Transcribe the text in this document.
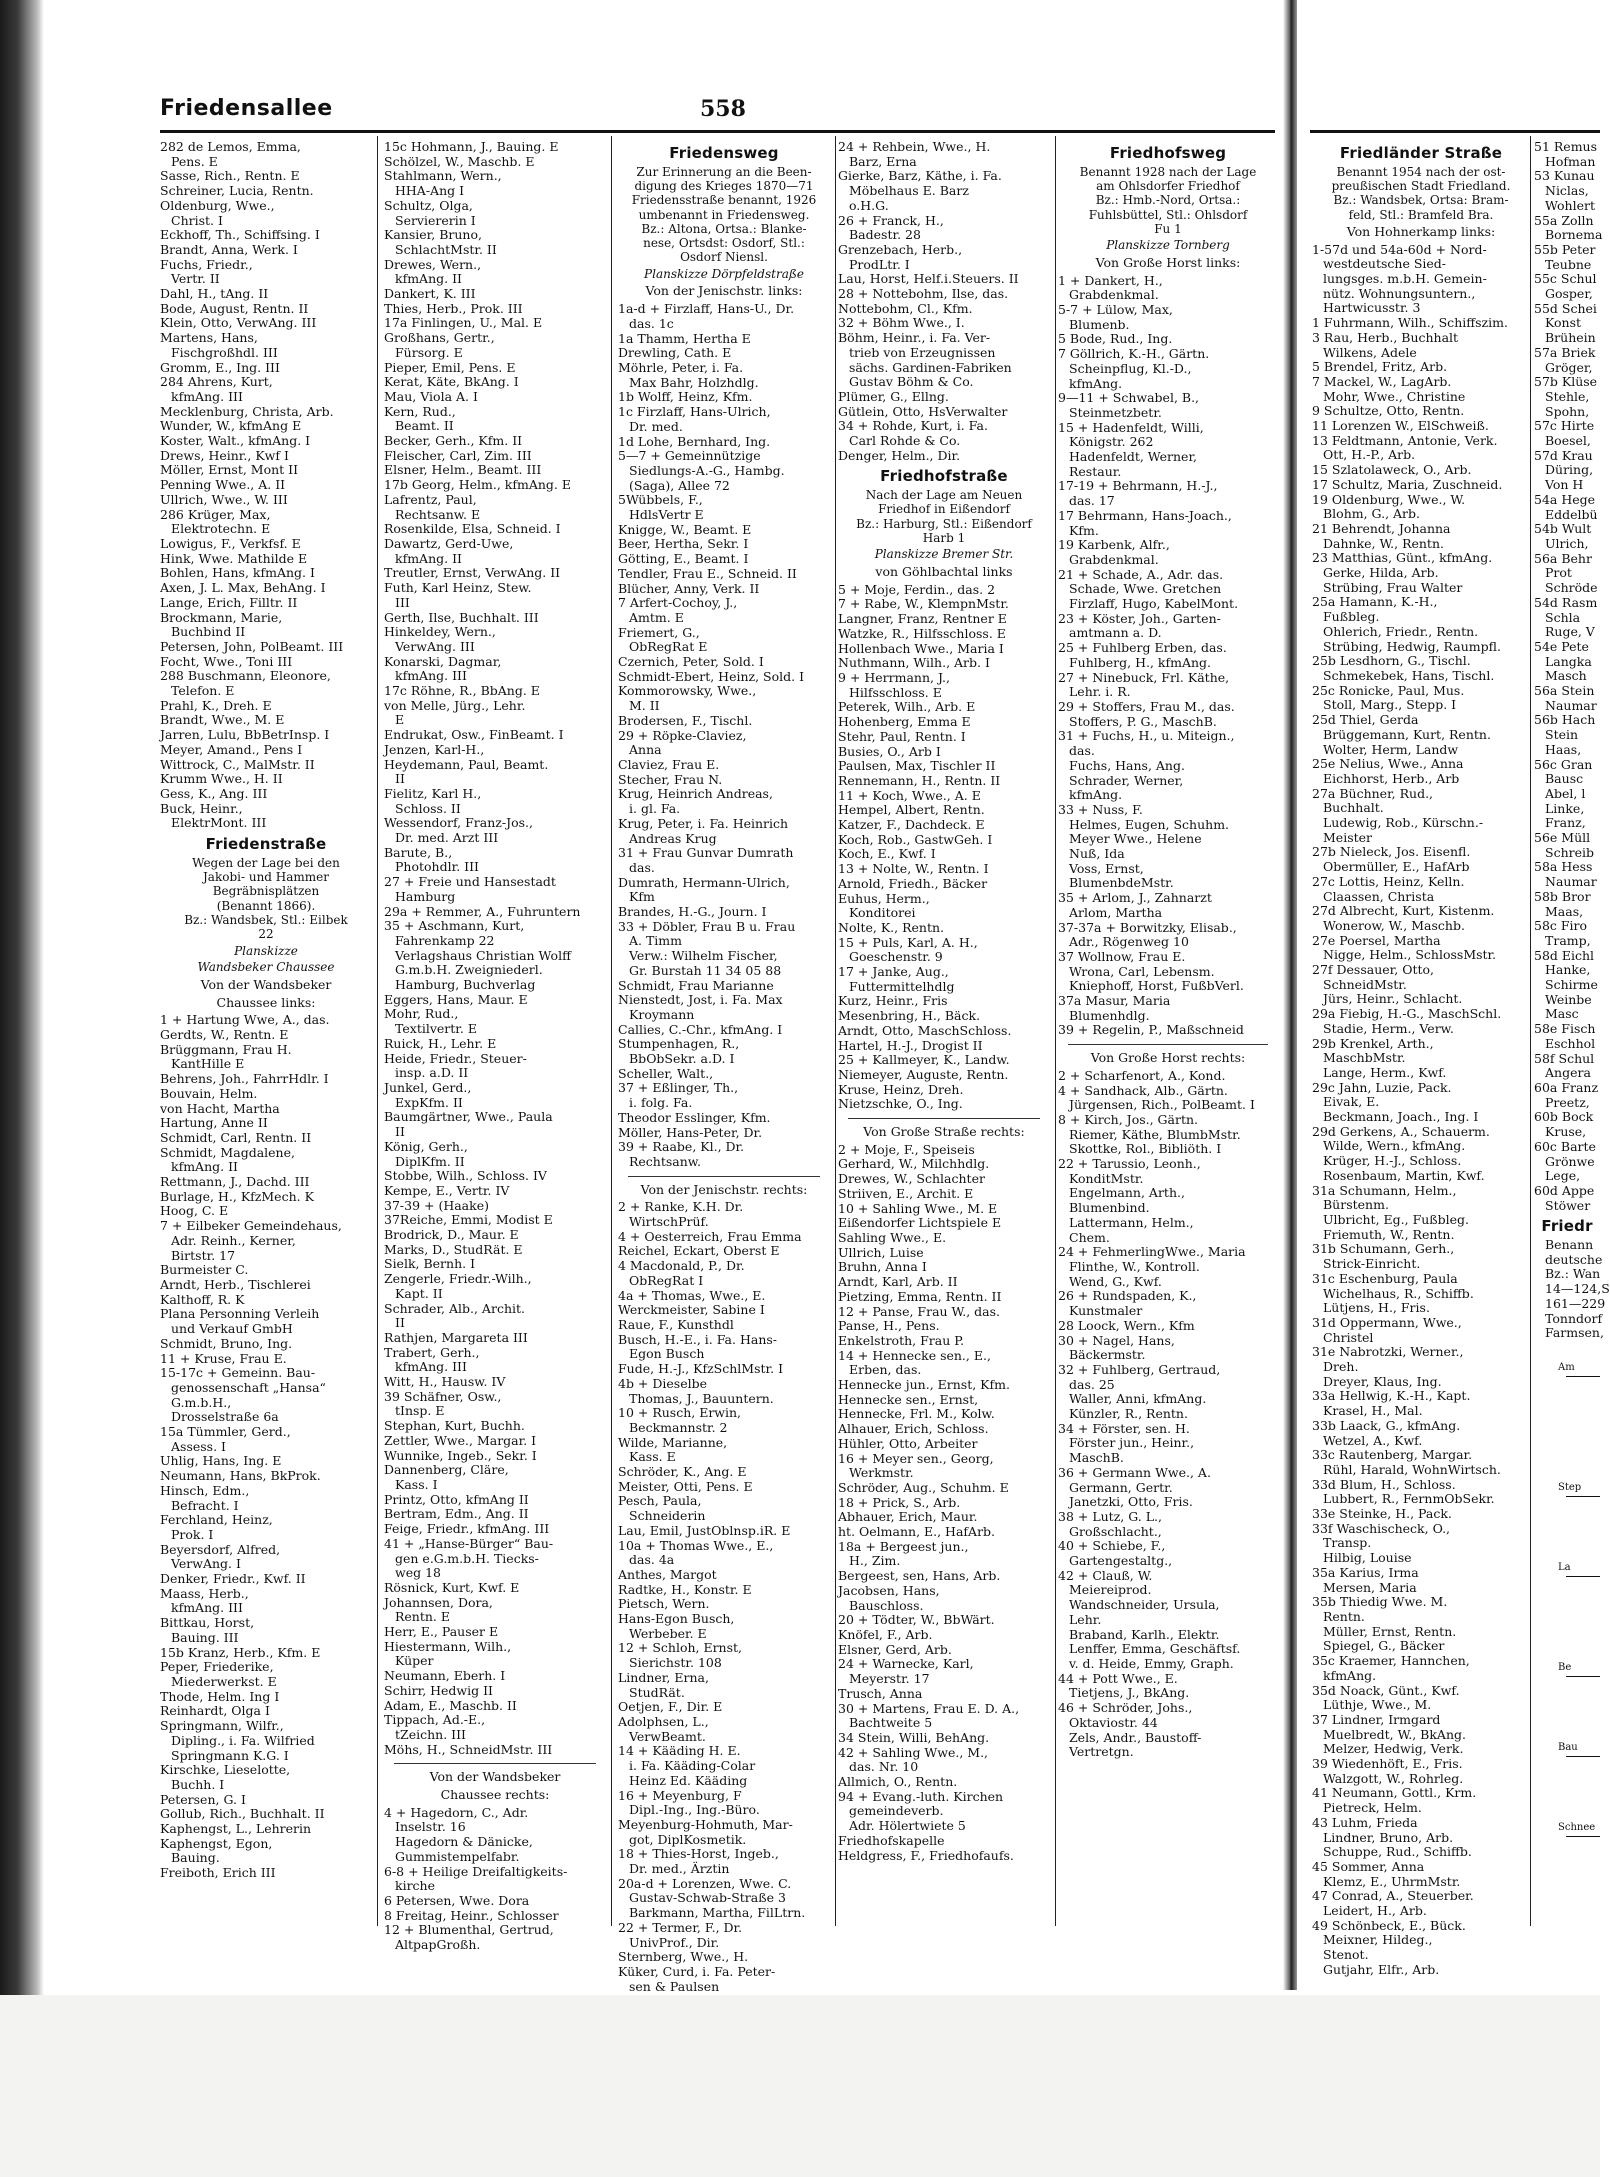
Friedensallee	558
282 de Lemos, Emma,
Pens. E
Sasse, Rich., Rentn. E
Schreiner, Lucia, Rentn.
Oldenburg, Wwe.,
Christ. I
Eckhoff, Th., Schiffsing. I
Brandt, Anna, Werk. I
Fuchs, Friedr.,
Vertr. II
Dahl, H., tAng. II
Bode, August, Rentn. II
Klein, Otto, VerwAng. III
Martens, Hans,
Fischgroßhdl. III
Gromm, E., Ing. III
284 Ahrens, Kurt,
kfmAng. III
Mecklenburg, Christa, Arb.
Wunder, W., kfmAng E
Koster, Walt., kfmAng. I
Drews, Heinr., Kwf I
Möller, Ernst, Mont II
Penning Wwe., A. II
Ullrich, Wwe., W. III
286 Krüger, Max,
Elektrotechn. E
Lowigus, F., Verkfsf. E
Hink, Wwe. Mathilde E
Bohlen, Hans, kfmAng. I
Axen, J. L. Max, BehAng. I
Lange, Erich, Filltr. II
Brockmann, Marie,
Buchbind II
Petersen, John, PolBeamt. III
Focht, Wwe., Toni III
288 Buschmann, Eleonore,
Telefon. E
Prahl, K., Dreh. E
Brandt, Wwe., M. E
Jarren, Lulu, BbBetrInsp. I
Meyer, Amand., Pens I
Wittrock, C., MalMstr. II
Krumm Wwe., H. II
Gess, K., Ang. III
Buck, Heinr.,
ElektrMont. III
Friedenstraße
Wegen der Lage bei den
Jakobi- und Hammer
Begräbnisplätzen
(Benannt 1866).
Bz.: Wandsbek, Stl.: Eilbek
22
Planskizze
Wandsbeker Chaussee
Von der Wandsbeker
Chaussee links:
1 + Hartung Wwe, A., das.
Gerdts, W., Rentn. E
Brüggmann, Frau H.
KantHille E
Behrens, Joh., FahrrHdlr. I
Bouvain, Helm.
von Hacht, Martha
Hartung, Anne II
Schmidt, Carl, Rentn. II
Schmidt, Magdalene,
kfmAng. II
Rettmann, J., Dachd. III
Burlage, H., KfzMech. K
Hoog, C. E
7 + Eilbeker Gemeindehaus,
Adr. Reinh., Kerner,
Birtstr. 17
Burmeister C.
Arndt, Herb., Tischlerei
Kalthoff, R. K
Plana Personning Verleih
und Verkauf GmbH
Schmidt, Bruno, Ing.
11 + Kruse, Frau E.
15-17c + Gemeinn. Bau-
genossenschaft „Hansa“
G.m.b.H.,
Drosselstraße 6a
15a Tümmler, Gerd.,
Assess. I
Uhlig, Hans, Ing. E
Neumann, Hans, BkProk.
Hinsch, Edm.,
Befracht. I
Ferchland, Heinz,
Prok. I
Beyersdorf, Alfred,
VerwAng. I
Denker, Friedr., Kwf. II
Maass, Herb.,
kfmAng. III
Bittkau, Horst,
Bauing. III
15b Kranz, Herb., Kfm. E
Peper, Friederike,
Miederwerkst. E
Thode, Helm. Ing I
Reinhardt, Olga I
Springmann, Wilfr.,
Dipling., i. Fa. Wilfried
Springmann K.G. I
Kirschke, Lieselotte,
Buchh. I
Petersen, G. I
Gollub, Rich., Buchhalt. II
Kaphengst, L., Lehrerin
Kaphengst, Egon,
Bauing.
Freiboth, Erich III
15c Hohmann, J., Bauing. E
Schölzel, W., Maschb. E
Stahlmann, Wern.,
HHA-Ang I
Schultz, Olga,
Serviererin I
Kansier, Bruno,
SchlachtMstr. II
Drewes, Wern.,
kfmAng. II
Dankert, K. III
Thies, Herb., Prok. III
17a Finlingen, U., Mal. E
Großhans, Gertr.,
Fürsorg. E
Pieper, Emil, Pens. E
Kerat, Käte, BkAng. I
Mau, Viola A. I
Kern, Rud.,
Beamt. II
Becker, Gerh., Kfm. II
Fleischer, Carl, Zim. III
Elsner, Helm., Beamt. III
17b Georg, Helm., kfmAng. E
Lafrentz, Paul,
Rechtsanw. E
Rosenkilde, Elsa, Schneid. I
Dawartz, Gerd-Uwe,
kfmAng. II
Treutler, Ernst, VerwAng. II
Futh, Karl Heinz, Stew.
III
Gerth, Ilse, Buchhalt. III
Hinkeldey, Wern.,
VerwAng. III
Konarski, Dagmar,
kfmAng. III
17c Röhne, R., BbAng. E
von Melle, Jürg., Lehr.
E
Endrukat, Osw., FinBeamt. I
Jenzen, Karl-H.,
Heydemann, Paul, Beamt.
II
Fielitz, Karl H.,
Schloss. II
Wessendorf, Franz-Jos.,
Dr. med. Arzt III
Barute, B.,
Photohdlr. III
27 + Freie und Hansestadt
Hamburg
29a + Remmer, A., Fuhruntern
35 + Aschmann, Kurt,
Fahrenkamp 22
Verlagshaus Christian Wolff
G.m.b.H. Zweigniederl.
Hamburg, Buchverlag
Eggers, Hans, Maur. E
Mohr, Rud.,
Textilvertr. E
Ruick, H., Lehr. E
Heide, Friedr., Steuer-
insp. a.D. II
Junkel, Gerd.,
ExpKfm. II
Baumgärtner, Wwe., Paula
II
König, Gerh.,
DiplKfm. II
Stobbe, Wilh., Schloss. IV
Kempe, E., Vertr. IV
37-39 + (Haake)
37Reiche, Emmi, Modist E
Brodrick, D., Maur. E
Marks, D., StudRät. E
Sielk, Bernh. I
Zengerle, Friedr.-Wilh.,
Kapt. II
Schrader, Alb., Archit.
II
Rathjen, Margareta III
Trabert, Gerh.,
kfmAng. III
Witt, H., Hausw. IV
39 Schäfner, Osw.,
tInsp. E
Stephan, Kurt, Buchh.
Zettler, Wwe., Margar. I
Wunnike, Ingeb., Sekr. I
Dannenberg, Cläre,
Kass. I
Printz, Otto, kfmAng II
Bertram, Edm., Ang. II
Feige, Friedr., kfmAng. III
41 + „Hanse-Bürger“ Bau-
gen e.G.m.b.H. Tiecks-
weg 18
Rösnick, Kurt, Kwf. E
Johannsen, Dora,
Rentn. E
Herr, E., Pauser E
Hiestermann, Wilh.,
Küper
Neumann, Eberh. I
Schirr, Hedwig II
Adam, E., Maschb. II
Tippach, Ad.-E.,
tZeichn. III
Möhs, H., SchneidMstr. III
Von der Wandsbeker
Chaussee rechts:
4 + Hagedorn, C., Adr.
Inselstr. 16
Hagedorn & Dänicke,
Gummistempelfabr.
6-8 + Heilige Dreifaltigkeits-
kirche
6 Petersen, Wwe. Dora
8 Freitag, Heinr., Schlosser
12 + Blumenthal, Gertrud,
AltpapGroßh.
Friedensweg
Zur Erinnerung an die Been-
digung des Krieges 1870—71
Friedensstraße benannt, 1926
umbenannt in Friedensweg.
Bz.: Altona, Ortsa.: Blanke-
nese, Ortsdst: Osdorf, Stl.:
Osdorf Niensl.
Planskizze Dörpfeldstraße
Von der Jenischstr. links:
1a-d + Firzlaff, Hans-U., Dr.
das. 1c
1a Thamm, Hertha E
Drewling, Cath. E
Möhrle, Peter, i. Fa.
Max Bahr, Holzhdlg.
1b Wolff, Heinz, Kfm.
1c Firzlaff, Hans-Ulrich,
Dr. med.
1d Lohe, Bernhard, Ing.
5—7 + Gemeinnützige
Siedlungs-A.-G., Hambg.
(Saga), Allee 72
5Wübbels, F.,
HdlsVertr E
Knigge, W., Beamt. E
Beer, Hertha, Sekr. I
Götting, E., Beamt. I
Tendler, Frau E., Schneid. II
Blücher, Anny, Verk. II
7 Arfert-Cochoy, J.,
Amtm. E
Friemert, G.,
ObRegRat E
Czernich, Peter, Sold. I
Schmidt-Ebert, Heinz, Sold. I
Kommorowsky, Wwe.,
M. II
Brodersen, F., Tischl.
29 + Röpke-Claviez,
Anna
Claviez, Frau E.
Stecher, Frau N.
Krug, Heinrich Andreas,
i. gl. Fa.
Krug, Peter, i. Fa. Heinrich
Andreas Krug
31 + Frau Gunvar Dumrath
das.
Dumrath, Hermann-Ulrich,
Kfm
Brandes, H.-G., Journ. I
33 + Döbler, Frau B u. Frau
A. Timm
Verw.: Wilhelm Fischer,
Gr. Burstah 11 34 05 88
Schmidt, Frau Marianne
Nienstedt, Jost, i. Fa. Max
Kroymann
Callies, C.-Chr., kfmAng. I
Stumpenhagen, R.,
BbObSekr. a.D. I
Scheller, Walt.,
37 + Eßlinger, Th.,
i. folg. Fa.
Theodor Esslinger, Kfm.
Möller, Hans-Peter, Dr.
39 + Raabe, Kl., Dr.
Rechtsanw.
Von der Jenischstr. rechts:
2 + Ranke, K.H. Dr.
WirtschPrüf.
4 + Oesterreich, Frau Emma
Reichel, Eckart, Oberst E
4 Macdonald, P., Dr.
ObRegRat I
4a + Thomas, Wwe., E.
Werckmeister, Sabine I
Raue, F., Kunsthdl
Busch, H.-E., i. Fa. Hans-
Egon Busch
Fude, H.-J., KfzSchlMstr. I
4b + Dieselbe
Thomas, J., Bauuntern.
10 + Rusch, Erwin,
Beckmannstr. 2
Wilde, Marianne,
Kass. E
Schröder, K., Ang. E
Meister, Otti, Pens. E
Pesch, Paula,
Schneiderin
Lau, Emil, JustOblnsp.iR. E
10a + Thomas Wwe., E.,
das. 4a
Anthes, Margot
Radtke, H., Konstr. E
Pietsch, Wern.
Hans-Egon Busch,
Werbeber. E
12 + Schloh, Ernst,
Sierichstr. 108
Lindner, Erna,
StudRät.
Oetjen, F., Dir. E
Adolphsen, L.,
VerwBeamt.
14 + Kääding H. E.
i. Fa. Kääding-Colar
Heinz Ed. Kääding
16 + Meyenburg, F
Dipl.-Ing., Ing.-Büro.
Meyenburg-Hohmuth, Mar-
got, DiplKosmetik.
18 + Thies-Horst, Ingeb.,
Dr. med., Ärztin
20a-d + Lorenzen, Wwe. C.
Gustav-Schwab-Straße 3
Barkmann, Martha, FilLtrn.
22 + Termer, F., Dr.
UnivProf., Dir.
Sternberg, Wwe., H.
Küker, Curd, i. Fa. Peter-
sen & Paulsen
24 + Rehbein, Wwe., H.
Barz, Erna
Gierke, Barz, Käthe, i. Fa.
Möbelhaus E. Barz
o.H.G.
26 + Franck, H.,
Badestr. 28
Grenzebach, Herb.,
ProdLtr. I
Lau, Horst, Helf.i.Steuers. II
28 + Nottebohm, Ilse, das.
Nottebohm, Cl., Kfm.
32 + Böhm Wwe., I.
Böhm, Heinr., i. Fa. Ver-
trieb von Erzeugnissen
sächs. Gardinen-Fabriken
Gustav Böhm & Co.
Plümer, G., Ellng.
Gütlein, Otto, HsVerwalter
34 + Rohde, Kurt, i. Fa.
Carl Rohde & Co.
Denger, Helm., Dir.
Friedhofstraße
Nach der Lage am Neuen
Friedhof in Eißendorf
Bz.: Harburg, Stl.: Eißendorf
Harb 1
Planskizze Bremer Str.
von Göhlbachtal links
5 + Moje, Ferdin., das. 2
7 + Rabe, W., KlempnMstr.
Langner, Franz, Rentner E
Watzke, R., Hilfsschloss. E
Hollenbach Wwe., Maria I
Nuthmann, Wilh., Arb. I
9 + Herrmann, J.,
Hilfsschloss. E
Peterek, Wilh., Arb. E
Hohenberg, Emma E
Stehr, Paul, Rentn. I
Busies, O., Arb I
Paulsen, Max, Tischler II
Rennemann, H., Rentn. II
11 + Koch, Wwe., A. E
Hempel, Albert, Rentn.
Katzer, F., Dachdeck. E
Koch, Rob., GastwGeh. I
Koch, E., Kwf. I
13 + Nolte, W., Rentn. I
Arnold, Friedh., Bäcker
Euhus, Herm.,
Konditorei
Nolte, K., Rentn.
15 + Puls, Karl, A. H.,
Goeschenstr. 9
17 + Janke, Aug.,
Futtermittelhdlg
Kurz, Heinr., Fris
Mesenbring, H., Bäck.
Arndt, Otto, MaschSchloss.
Hartel, H.-J., Drogist II
25 + Kallmeyer, K., Landw.
Niemeyer, Auguste, Rentn.
Kruse, Heinz, Dreh.
Nietzschke, O., Ing.
Von Große Straße rechts:
2 + Moje, F., Speiseis
Gerhard, W., Milchhdlg.
Drewes, W., Schlachter
Striiven, E., Archit. E
10 + Sahling Wwe., M. E
Eißendorfer Lichtspiele E
Sahling Wwe., E.
Ullrich, Luise
Bruhn, Anna I
Arndt, Karl, Arb. II
Pietzing, Emma, Rentn. II
12 + Panse, Frau W., das.
Panse, H., Pens.
Enkelstroth, Frau P.
14 + Hennecke sen., E.,
Erben, das.
Hennecke jun., Ernst, Kfm.
Hennecke sen., Ernst,
Hennecke, Frl. M., Kolw.
Alhauer, Erich, Schloss.
Hühler, Otto, Arbeiter
16 + Meyer sen., Georg,
Werkmstr.
Schröder, Aug., Schuhm. E
18 + Prick, S., Arb.
Abhauer, Erich, Maur.
ht. Oelmann, E., HafArb.
18a + Bergeest jun.,
H., Zim.
Bergeest, sen, Hans, Arb.
Jacobsen, Hans,
Bauschloss.
20 + Tödter, W., BbWärt.
Knöfel, F., Arb.
Elsner, Gerd, Arb.
24 + Warnecke, Karl,
Meyerstr. 17
Trusch, Anna
30 + Martens, Frau E. D. A.,
Bachtweite 5
34 Stein, Willi, BehAng.
42 + Sahling Wwe., M.,
das. Nr. 10
Allmich, O., Rentn.
94 + Evang.-luth. Kirchen
gemeindeverb.
Adr. Hölertwiete 5
Friedhofskapelle
Heldgress, F., Friedhofaufs.
Friedhofsweg
Benannt 1928 nach der Lage
am Ohlsdorfer Friedhof
Bz.: Hmb.-Nord, Ortsa.:
Fuhlsbüttel, Stl.: Ohlsdorf
Fu 1
Planskizze Tornberg
Von Große Horst links:
1 + Dankert, H.,
Grabdenkmal.
5-7 + Lülow, Max,
Blumenb.
5 Bode, Rud., Ing.
7 Göllrich, K.-H., Gärtn.
Scheinpflug, Kl.-D.,
kfmAng.
9—11 + Schwabel, B.,
Steinmetzbetr.
15 + Hadenfeldt, Willi,
Königstr. 262
Hadenfeldt, Werner,
Restaur.
17-19 + Behrmann, H.-J.,
das. 17
17 Behrmann, Hans-Joach.,
Kfm.
19 Karbenk, Alfr.,
Grabdenkmal.
21 + Schade, A., Adr. das.
Schade, Wwe. Gretchen
Firzlaff, Hugo, KabelMont.
23 + Köster, Joh., Garten-
amtmann a. D.
25 + Fuhlberg Erben, das.
Fuhlberg, H., kfmAng.
27 + Ninebuck, Frl. Käthe,
Lehr. i. R.
29 + Stoffers, Frau M., das.
Stoffers, P. G., MaschB.
31 + Fuchs, H., u. Miteign.,
das.
Fuchs, Hans, Ang.
Schrader, Werner,
kfmAng.
33 + Nuss, F.
Helmes, Eugen, Schuhm.
Meyer Wwe., Helene
Nuß, Ida
Voss, Ernst,
BlumenbdeMstr.
35 + Arlom, J., Zahnarzt
Arlom, Martha
37-37a + Borwitzky, Elisab.,
Adr., Rögenweg 10
37 Wollnow, Frau E.
Wrona, Carl, Lebensm.
Kniephoff, Horst, FußbVerl.
37a Masur, Maria
Blumenhdlg.
39 + Regelin, P., Maßschneid
Von Große Horst rechts:
2 + Scharfenort, A., Kond.
4 + Sandhack, Alb., Gärtn.
Jürgensen, Rich., PolBeamt. I
8 + Kirch, Jos., Gärtn.
Riemer, Käthe, BlumbMstr.
Skottke, Rol., Bibliöth. I
22 + Tarussio, Leonh.,
KonditMstr.
Engelmann, Arth.,
Blumenbind.
Lattermann, Helm.,
Chem.
24 + FehmerlingWwe., Maria
Flinthe, W., Kontroll.
Wend, G., Kwf.
26 + Rundspaden, K.,
Kunstmaler
28 Loock, Wern., Kfm
30 + Nagel, Hans,
Bäckermstr.
32 + Fuhlberg, Gertraud,
das. 25
Waller, Anni, kfmAng.
Künzler, R., Rentn.
34 + Förster, sen. H.
Förster jun., Heinr.,
MaschB.
36 + Germann Wwe., A.
Germann, Gertr.
Janetzki, Otto, Fris.
38 + Lutz, G. L.,
Großschlacht.,
40 + Schiebe, F.,
Gartengestaltg.,
42 + Clauß, W.
Meiereiprod.
Wandschneider, Ursula,
Lehr.
Braband, Karlh., Elektr.
Lenffer, Emma, Geschäftsf.
v. d. Heide, Emmy, Graph.
44 + Pott Wwe., E.
Tietjens, J., BkAng.
46 + Schröder, Johs.,
Oktaviostr. 44
Zels, Andr., Baustoff-
Vertretgn.
Friedländer Straße
Benannt 1954 nach der ost-
preußischen Stadt Friedland.
Bz.: Wandsbek, Ortsa: Bram-
feld, Stl.: Bramfeld Bra.
Von Hohnerkamp links:
1-57d und 54a-60d + Nord-
westdeutsche Sied-
lungsges. m.b.H. Gemein-
nütz. Wohnungsuntern.,
Hartwicusstr. 3
1 Fuhrmann, Wilh., Schiffszim.
3 Rau, Herb., Buchhalt
Wilkens, Adele
5 Brendel, Fritz, Arb.
7 Mackel, W., LagArb.
Mohr, Wwe., Christine
9 Schultze, Otto, Rentn.
11 Lorenzen W., ElSchweiß.
13 Feldtmann, Antonie, Verk.
Ott, H.-P., Arb.
15 Szlatolaweck, O., Arb.
17 Schultz, Maria, Zuschneid.
19 Oldenburg, Wwe., W.
Blohm, G., Arb.
21 Behrendt, Johanna
Dahnke, W., Rentn.
23 Matthias, Günt., kfmAng.
Gerke, Hilda, Arb.
Strübing, Frau Walter
25a Hamann, K.-H.,
Fußbleg.
Ohlerich, Friedr., Rentn.
Strübing, Hedwig, Raumpfl.
25b Lesdhorn, G., Tischl.
Schmekebek, Hans, Tischl.
25c Ronicke, Paul, Mus.
Stoll, Marg., Stepp. I
25d Thiel, Gerda
Brüggemann, Kurt, Rentn.
Wolter, Herm, Landw
25e Nelius, Wwe., Anna
Eichhorst, Herb., Arb
27a Büchner, Rud.,
Buchhalt.
Ludewig, Rob., Kürschn.-
Meister
27b Nieleck, Jos. Eisenfl.
Obermüller, E., HafArb
27c Lottis, Heinz, Kelln.
Claassen, Christa
27d Albrecht, Kurt, Kistenm.
Wonerow, W., Maschb.
27e Poersel, Martha
Nigge, Helm., SchlossMstr.
27f Dessauer, Otto,
SchneidMstr.
Jürs, Heinr., Schlacht.
29a Fiebig, H.-G., MaschSchl.
Stadie, Herm., Verw.
29b Krenkel, Arth.,
MaschbMstr.
Lange, Herm., Kwf.
29c Jahn, Luzie, Pack.
Eivak, E.
Beckmann, Joach., Ing. I
29d Gerkens, A., Schauerm.
Wilde, Wern., kfmAng.
Krüger, H.-J., Schloss.
Rosenbaum, Martin, Kwf.
31a Schumann, Helm.,
Bürstenm.
Ulbricht, Eg., Fußbleg.
Friemuth, W., Rentn.
31b Schumann, Gerh.,
Strick-Einricht.
31c Eschenburg, Paula
Wichelhaus, R., Schiffb.
Lütjens, H., Fris.
31d Oppermann, Wwe.,
Christel
31e Nabrotzki, Werner.,
Dreh.
Dreyer, Klaus, Ing.
33a Hellwig, K.-H., Kapt.
Krasel, H., Mal.
33b Laack, G., kfmAng.
Wetzel, A., Kwf.
33c Rautenberg, Margar.
Rühl, Harald, WohnWirtsch.
33d Blum, H., Schloss.
Lubbert, R., FernmObSekr.
33e Steinke, H., Pack.
33f Waschischeck, O.,
Transp.
Hilbig, Louise
35a Karius, Irma
Mersen, Maria
35b Thiedig Wwe. M.
Rentn.
Müller, Ernst, Rentn.
Spiegel, G., Bäcker
35c Kraemer, Hannchen,
kfmAng.
35d Noack, Günt., Kwf.
Lüthje, Wwe., M.
37 Lindner, Irmgard
Muelbredt, W., BkAng.
Melzer, Hedwig, Verk.
39 Wiedenhöft, E., Fris.
Walzgott, W., Rohrleg.
41 Neumann, Gottl., Krm.
Pietreck, Helm.
43 Luhm, Frieda
Lindner, Bruno, Arb.
Schuppe, Rud., Schiffb.
45 Sommer, Anna
Klemz, E., UhrmMstr.
47 Conrad, A., Steuerber.
Leidert, H., Arb.
49 Schönbeck, E., Bück.
Meixner, Hildeg.,
Stenot.
Gutjahr, Elfr., Arb.
51 Remus
Hofman
53 Kunau
Niclas,
Wohlert
55a Zolln
Bornema
55b Peter
Teubne
55c Schul
Gosper,
55d Schei
Konst
Brühein
57a Briek
Gröger,
57b Klüse
Stehle,
Spohn,
57c Hirte
Boesel,
57d Krau
Düring,
Von H
54a Hege
Eddelbü
54b Wult
Ulrich,
56a Behr
Prot
Schröde
54d Rasm
Schla
Ruge, V
54e Pete
Langka
Masch
56a Stein
Naumar
56b Hach
Stein
Haas,
56c Gran
Bausc
Abel, l
Linke,
Franz,
56e Müll
Schreib
58a Hess
Naumar
58b Bror
Maas,
58c Firo
Tramp,
58d Eichl
Hanke,
Schirme
Weinbe
Masc
58e Fisch
Eschhol
58f Schul
Angera
60a Franz
Preetz,
60b Bock
Kruse,
60c Barte
Grönwe
Lege,
60d Appe
Stöwer
Friedr
Benann
deutsche
Bz.: Wan
14—124,S
161—229
Tonndorf
Farmsen,
Am
Step
La
Be
Bau
Schnee
